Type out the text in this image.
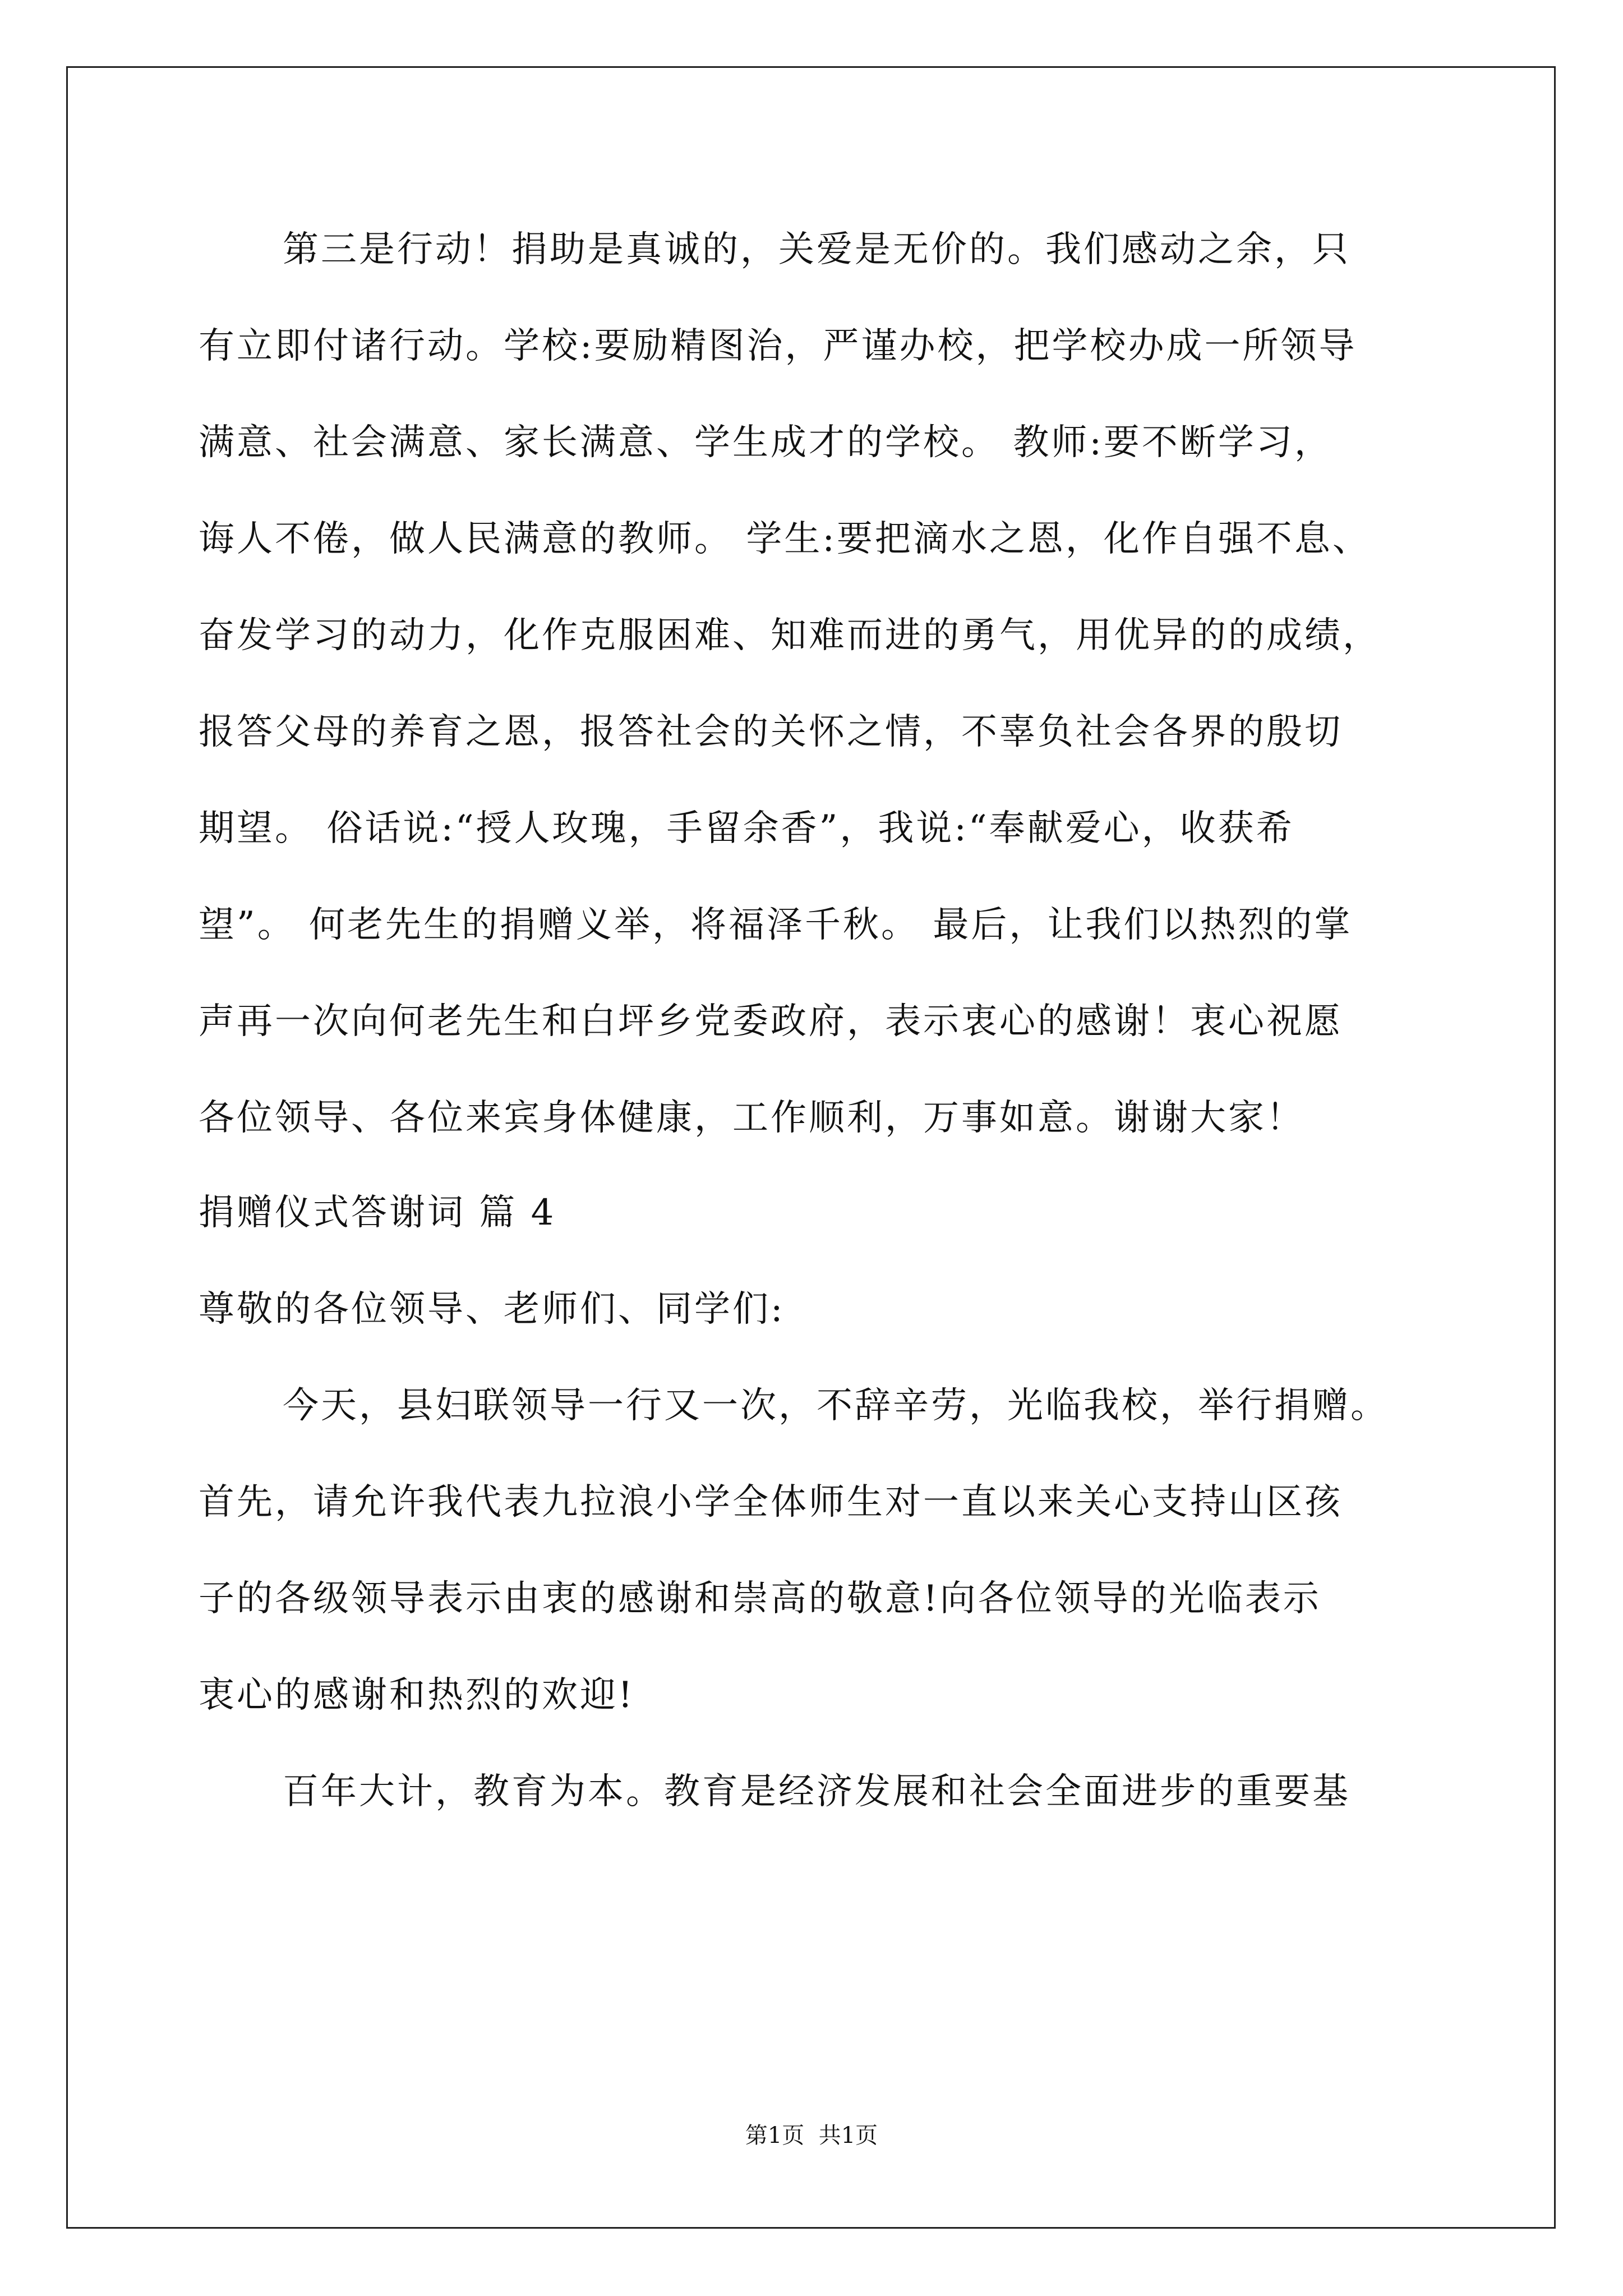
第三是行动！捐助是真诚的，关爱是无价的。我们感动之余，只
有立即付诸行动。学校:要励精图治，严谨办校，把学校办成一所领导
满意、社会满意、家长满意、学生成才的学校。 教师:要不断学习，
诲人不倦，做人民满意的教师。 学生:要把滴水之恩，化作自强不息、
奋发学习的动力，化作克服困难、知难而进的勇气，用优异的的成绩，
报答父母的养育之恩，报答社会的关怀之情，不辜负社会各界的殷切
期望。 俗话说:“授人玫瑰，手留余香”，我说:“奉献爱心，收获希
望”。 何老先生的捐赠义举，将福泽千秋。 最后，让我们以热烈的掌
声再一次向何老先生和白坪乡党委政府，表示衷心的感谢！衷心祝愿
各位领导、各位来宾身体健康，工作顺利，万事如意。谢谢大家！
捐赠仪式答谢词 篇 4
尊敬的各位领导、老师们、同学们:
今天，县妇联领导一行又一次，不辞辛劳，光临我校，举行捐赠。
首先，请允许我代表九拉浪小学全体师生对一直以来关心支持山区孩
子的各级领导表示由衷的感谢和崇高的敬意!向各位领导的光临表示
衷心的感谢和热烈的欢迎!
百年大计，教育为本。教育是经济发展和社会全面进步的重要基
第1页  共1页
